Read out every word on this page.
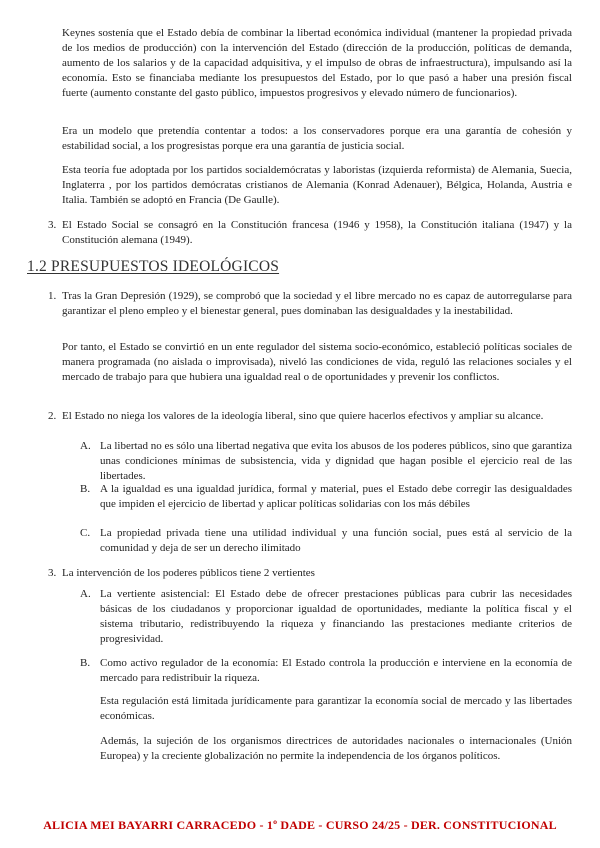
Keynes sostenía que el Estado debía de combinar la libertad económica individual (mantener la propiedad privada de los medios de producción) con la intervención del Estado (dirección de la producción, políticas de demanda, aumento de los salarios y de la capacidad adquisitiva, y el impulso de obras de infraestructura), impulsando así la economía. Esto se financiaba mediante los presupuestos del Estado, por lo que pasó a haber una presión fiscal fuerte (aumento constante del gasto público, impuestos progresivos y elevado número de funcionarios).

Era un modelo que pretendía contentar a todos: a los conservadores porque era una garantía de cohesión y estabilidad social, a los progresistas porque era una garantía de justicia social.

Esta teoría fue adoptada por los partidos socialdemócratas y laboristas (izquierda reformista) de Alemania, Suecia, Inglaterra , por los partidos demócratas cristianos de Alemania (Konrad Adenauer), Bélgica, Holanda, Austria e Italia. También se adoptó en Francia (De Gaulle).

3. El Estado Social se consagró en la Constitución francesa (1946 y 1958), la Constitución italiana (1947) y la Constitución alemana (1949).

1.2 PRESUPUESTOS IDEOLÓGICOS
1. Tras la Gran Depresión (1929), se comprobó que la sociedad y el libre mercado no es capaz de autorregularse para garantizar el pleno empleo y el bienestar general, pues dominaban las desigualdades y la inestabilidad.

Por tanto, el Estado se convirtió en un ente regulador del sistema socio-económico, estableció políticas sociales de manera programada (no aislada o improvisada), niveló las condiciones de vida, reguló las relaciones sociales y el mercado de trabajo para que hubiera una igualdad real o de oportunidades y prevenir los conflictos.

2. El Estado no niega los valores de la ideología liberal, sino que quiere hacerlos efectivos y ampliar su alcance.

A. La libertad no es sólo una libertad negativa que evita los abusos de los poderes públicos, sino que garantiza unas condiciones mínimas de subsistencia, vida y dignidad que hagan posible el ejercicio real de las libertades.

B. A la igualdad es una igualdad jurídica, formal y material, pues el Estado debe corregir las desigualdades que impiden el ejercicio de libertad y aplicar políticas solidarias con los más débiles

C. La propiedad privada tiene una utilidad individual y una función social, pues está al servicio de la comunidad y deja de ser un derecho ilimitado

3. La intervención de los poderes públicos tiene 2 vertientes

A. La vertiente asistencial: El Estado debe de ofrecer prestaciones públicas para cubrir las necesidades básicas de los ciudadanos y proporcionar igualdad de oportunidades, mediante la política fiscal y el sistema tributario, redistribuyendo la riqueza y financiando las prestaciones mediante criterios de progresividad.

B. Como activo regulador de la economía: El Estado controla la producción e interviene en la economía de mercado para redistribuir la riqueza.

Esta regulación está limitada jurídicamente para garantizar la economía social de mercado y las libertades económicas.

Además, la sujeción de los organismos directrices de autoridades nacionales o internacionales (Unión Europea) y la creciente globalización no permite la independencia de los órganos políticos.

ALICIA MEI BAYARRI CARRACEDO - 1º DADE - CURSO 24/25 - DER. CONSTITUCIONAL
